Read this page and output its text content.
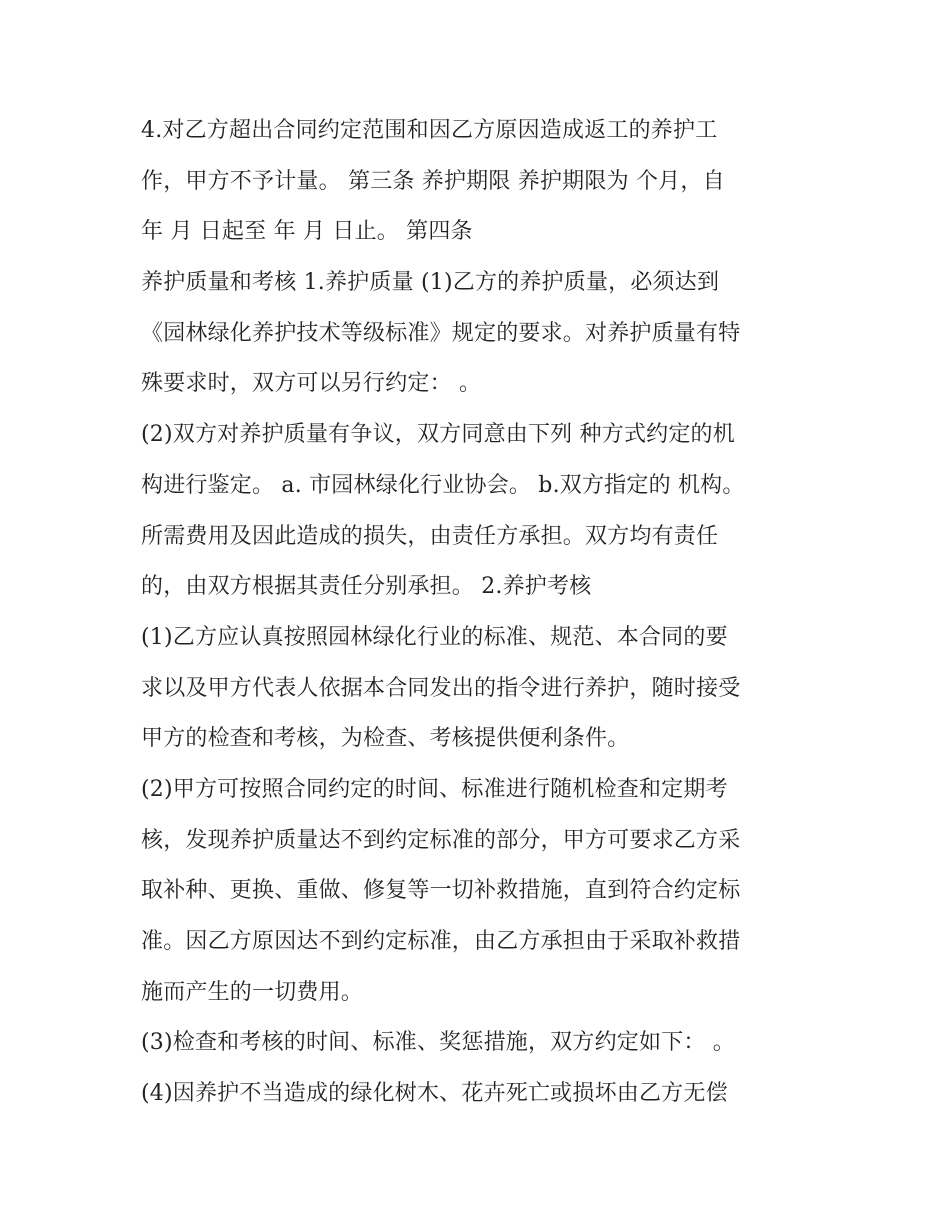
4.对乙方超出合同约定范围和因乙方原因造成返工的养护工
作，甲方不予计量。 第三条 养护期限 养护期限为 个月，自
年 月 日起至 年 月 日止。 第四条
养护质量和考核 1.养护质量 (1)乙方的养护质量，必须达到
《园林绿化养护技术等级标准》规定的要求。对养护质量有特
殊要求时，双方可以另行约定： 。
(2)双方对养护质量有争议，双方同意由下列 种方式约定的机
构进行鉴定。 a. 市园林绿化行业协会。 b.双方指定的 机构。
所需费用及因此造成的损失，由责任方承担。双方均有责任
的，由双方根据其责任分别承担。 2.养护考核
(1)乙方应认真按照园林绿化行业的标准、规范、本合同的要
求以及甲方代表人依据本合同发出的指令进行养护，随时接受
甲方的检查和考核，为检查、考核提供便利条件。
(2)甲方可按照合同约定的时间、标准进行随机检查和定期考
核，发现养护质量达不到约定标准的部分，甲方可要求乙方采
取补种、更换、重做、修复等一切补救措施，直到符合约定标
准。因乙方原因达不到约定标准，由乙方承担由于采取补救措
施而产生的一切费用。
(3)检查和考核的时间、标准、奖惩措施，双方约定如下： 。
(4)因养护不当造成的绿化树木、花卉死亡或损坏由乙方无偿
